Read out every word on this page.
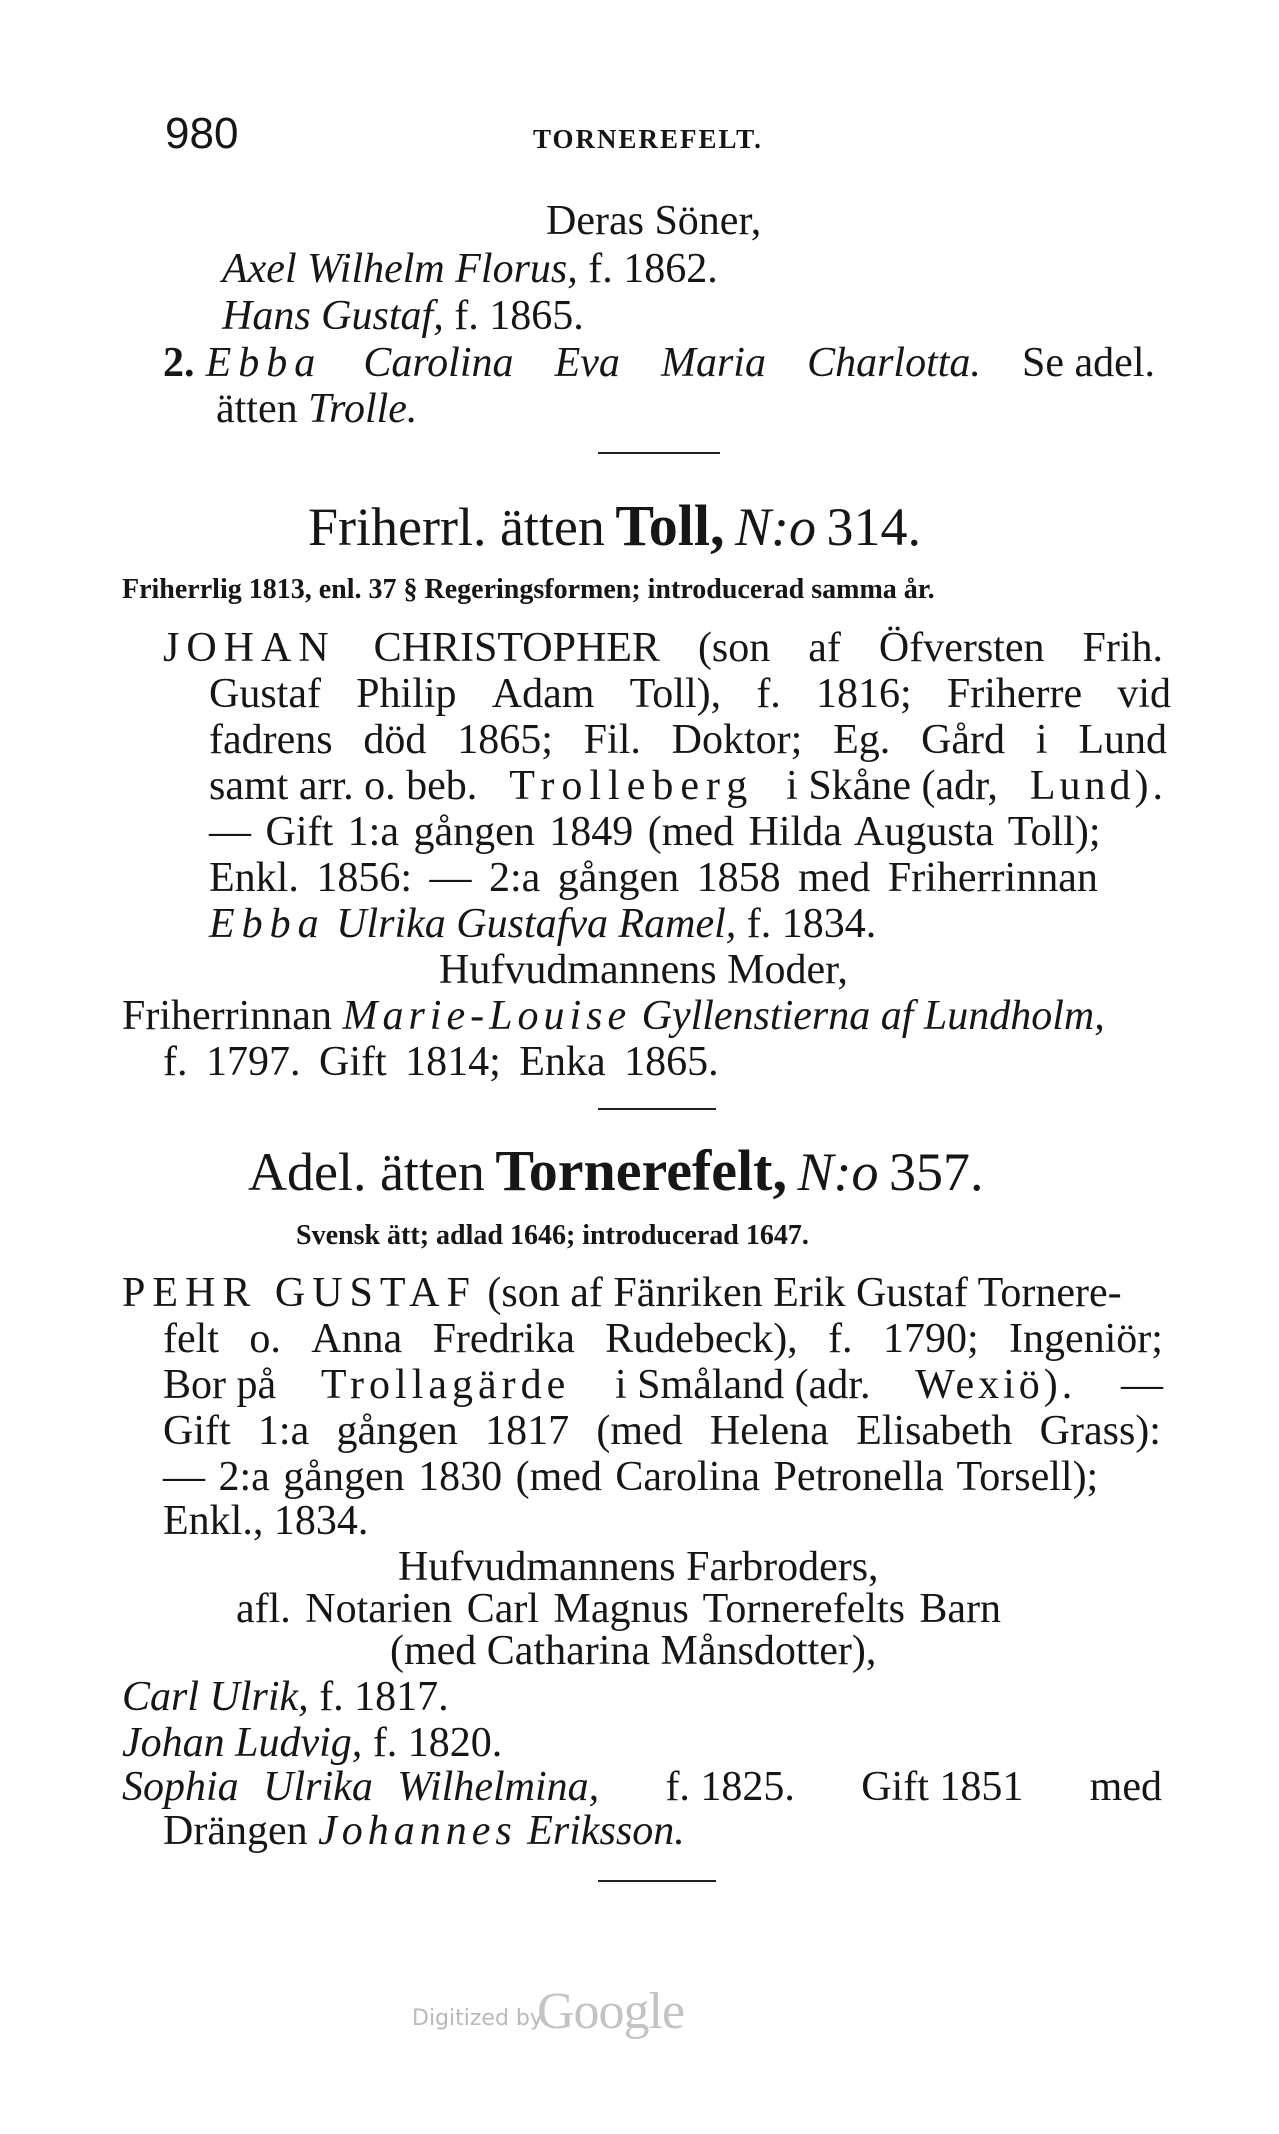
980	TORNEREFELT.
Deras Söner,
Axel Wilhelm Florus, f. 1862.
Hans Gustaf, f. 1865.
2. Ebba Carolina Eva Maria Charlotta. Se adel.
ätten Trolle.
Friherrl. ätten Toll, N:o 314.
Friherrlig 1813, enl. 37 § Regeringsformen; introducerad samma år.
JOHAN CHRISTOPHER (son af Öfversten Frih.
Gustaf Philip Adam Toll), f. 1816; Friherre vid
fadrens död 1865; Fil. Doktor; Eg. Gård i Lund
samt arr. o. beb. Trolleberg i Skåne (adr, Lund).
— Gift 1:a gången 1849 (med Hilda Augusta Toll);
Enkl. 1856: — 2:a gången 1858 med Friherrinnan
Ebba Ulrika Gustafva Ramel, f. 1834.
Hufvudmannens Moder,
Friherrinnan Marie-Louise Gyllenstierna af Lundholm,
f. 1797. Gift 1814; Enka 1865.
Adel. ätten Tornerefelt, N:o 357.
Svensk ätt; adlad 1646; introducerad 1647.
PEHR GUSTAF (son af Fänriken Erik Gustaf Tornere-
felt o. Anna Fredrika Rudebeck), f. 1790; Ingeniör;
Bor på Trollagärde i Småland (adr. Wexiö). —
Gift 1:a gången 1817 (med Helena Elisabeth Grass):
— 2:a gången 1830 (med Carolina Petronella Torsell);
Enkl., 1834.
Hufvudmannens Farbroders,
afl. Notarien Carl Magnus Tornerefelts Barn
(med Catharina Månsdotter),
Carl Ulrik, f. 1817.
Johan Ludvig, f. 1820.
Sophia Ulrika Wilhelmina, f. 1825. Gift 1851 med
Drängen Johannes Eriksson.
Digitized by
Google
